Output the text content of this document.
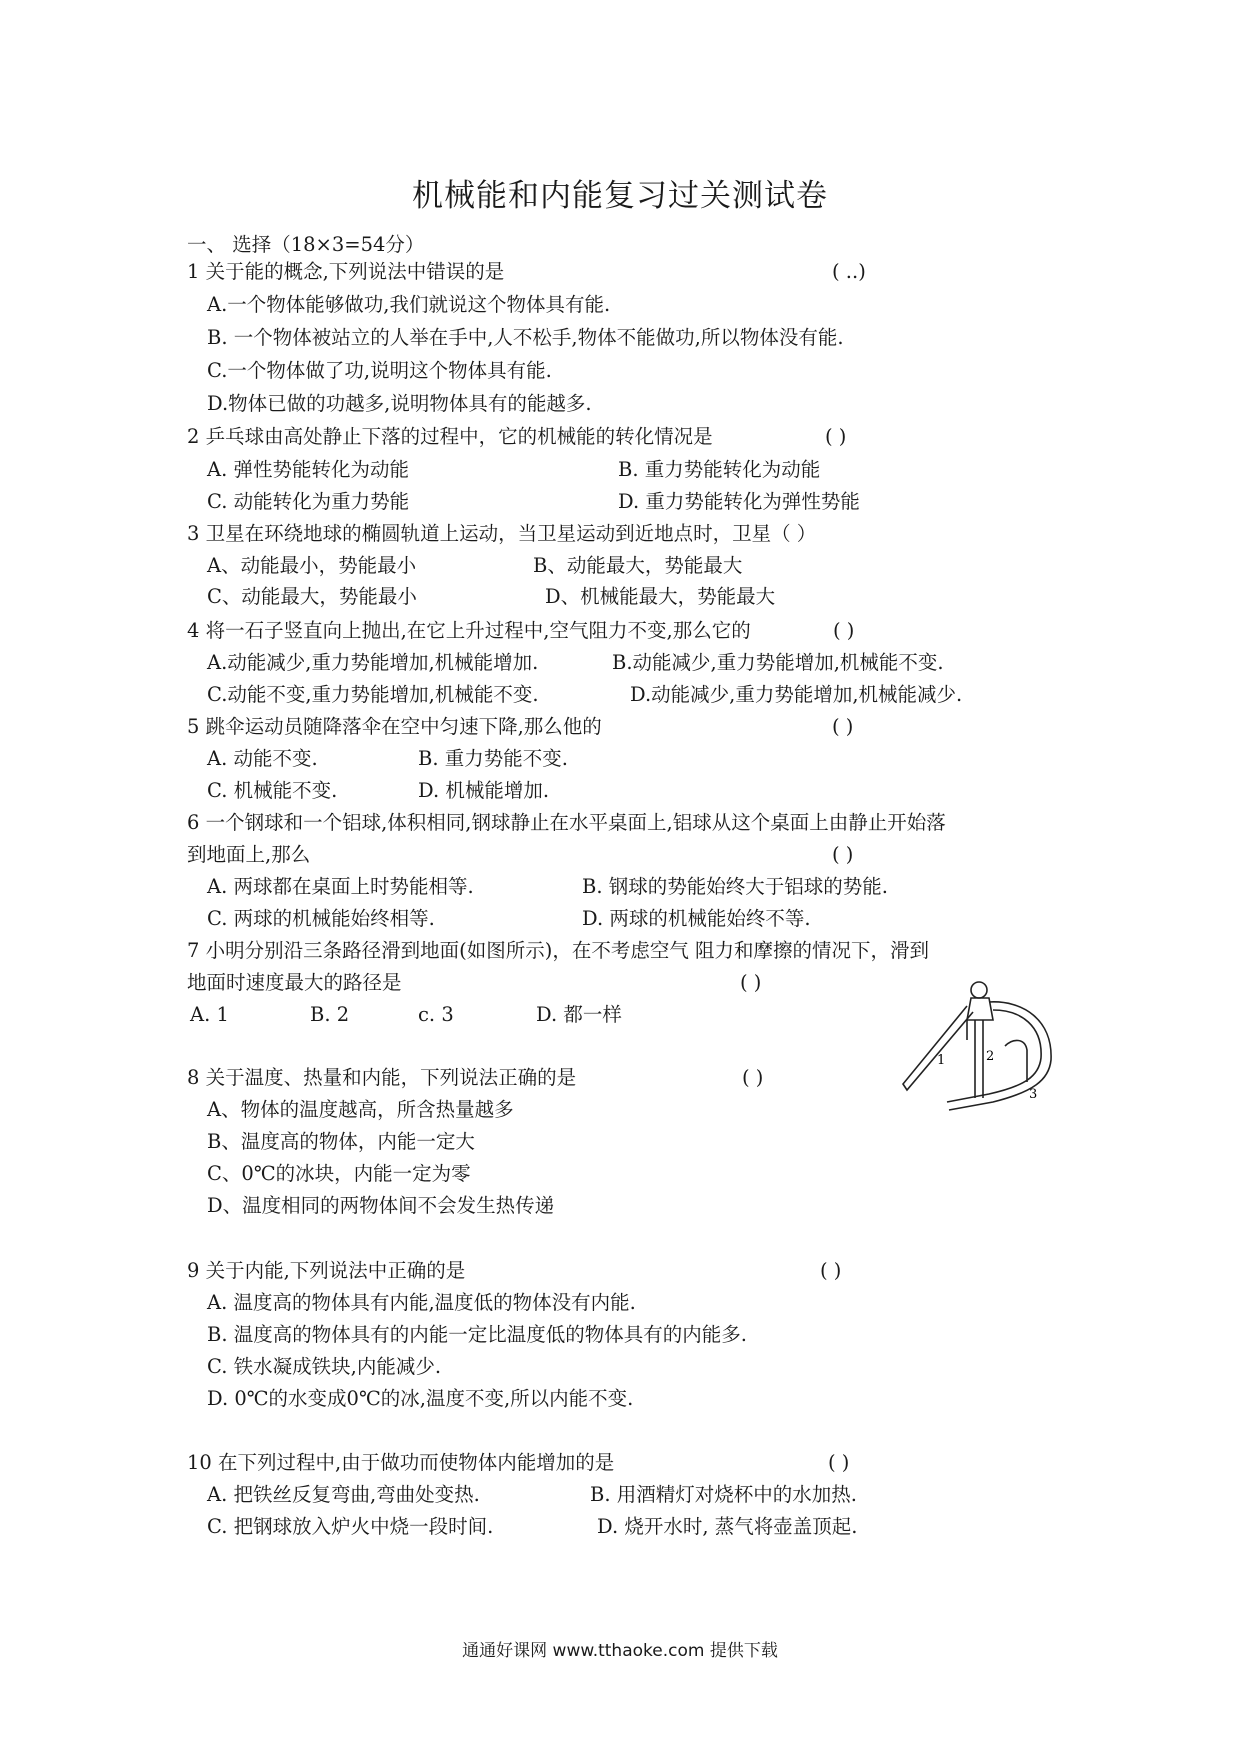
机械能和内能复习过关测试卷
一、 选择（18×3=54分）
1 关于能的概念,下列说法中错误的是	( ..)
A.一个物体能够做功,我们就说这个物体具有能.
B. 一个物体被站立的人举在手中,人不松手,物体不能做功,所以物体没有能.
C.一个物体做了功,说明这个物体具有能.
D.物体已做的功越多,说明物体具有的能越多.
2 乒乓球由高处静止下落的过程中，它的机械能的转化情况是	( )
A. 弹性势能转化为动能	B. 重力势能转化为动能
C. 动能转化为重力势能	D. 重力势能转化为弹性势能
3 卫星在环绕地球的椭圆轨道上运动，当卫星运动到近地点时，卫星（ ）
A、动能最小，势能最小	B、动能最大，势能最大
C、动能最大，势能最小	D、机械能最大，势能最大
4 将一石子竖直向上抛出,在它上升过程中,空气阻力不变,那么它的	( )
A.动能减少,重力势能增加,机械能增加.	B.动能减少,重力势能增加,机械能不变.
C.动能不变,重力势能增加,机械能不变.	D.动能减少,重力势能增加,机械能减少.
5 跳伞运动员随降落伞在空中匀速下降,那么他的	( )
A. 动能不变.	B. 重力势能不变.
C. 机械能不变.	D. 机械能增加.
6 一个钢球和一个铝球,体积相同,钢球静止在水平桌面上,铝球从这个桌面上由静止开始落
到地面上,那么	( )
A. 两球都在桌面上时势能相等.	B. 钢球的势能始终大于铝球的势能.
C. 两球的机械能始终相等.	D. 两球的机械能始终不等.
7 小明分别沿三条路径滑到地面(如图所示)，在不考虑空气 阻力和摩擦的情况下，滑到
地面时速度最大的路径是	( )
A. 1	B. 2	c. 3	D. 都一样
1	2
3
8 关于温度、热量和内能，下列说法正确的是	( )
A、物体的温度越高，所含热量越多
B、温度高的物体，内能一定大
C、0℃的冰块，内能一定为零
D、温度相同的两物体间不会发生热传递
9 关于内能,下列说法中正确的是	( )
A. 温度高的物体具有内能,温度低的物体没有内能.
B. 温度高的物体具有的内能一定比温度低的物体具有的内能多.
C. 铁水凝成铁块,内能减少.
D. 0℃的水变成0℃的冰,温度不变,所以内能不变.
10 在下列过程中,由于做功而使物体内能增加的是	( )
A. 把铁丝反复弯曲,弯曲处变热.	B. 用酒精灯对烧杯中的水加热.
C. 把钢球放入炉火中烧一段时间.	D. 烧开水时, 蒸气将壶盖顶起.
通通好课网 www.tthaoke.com 提供下载
